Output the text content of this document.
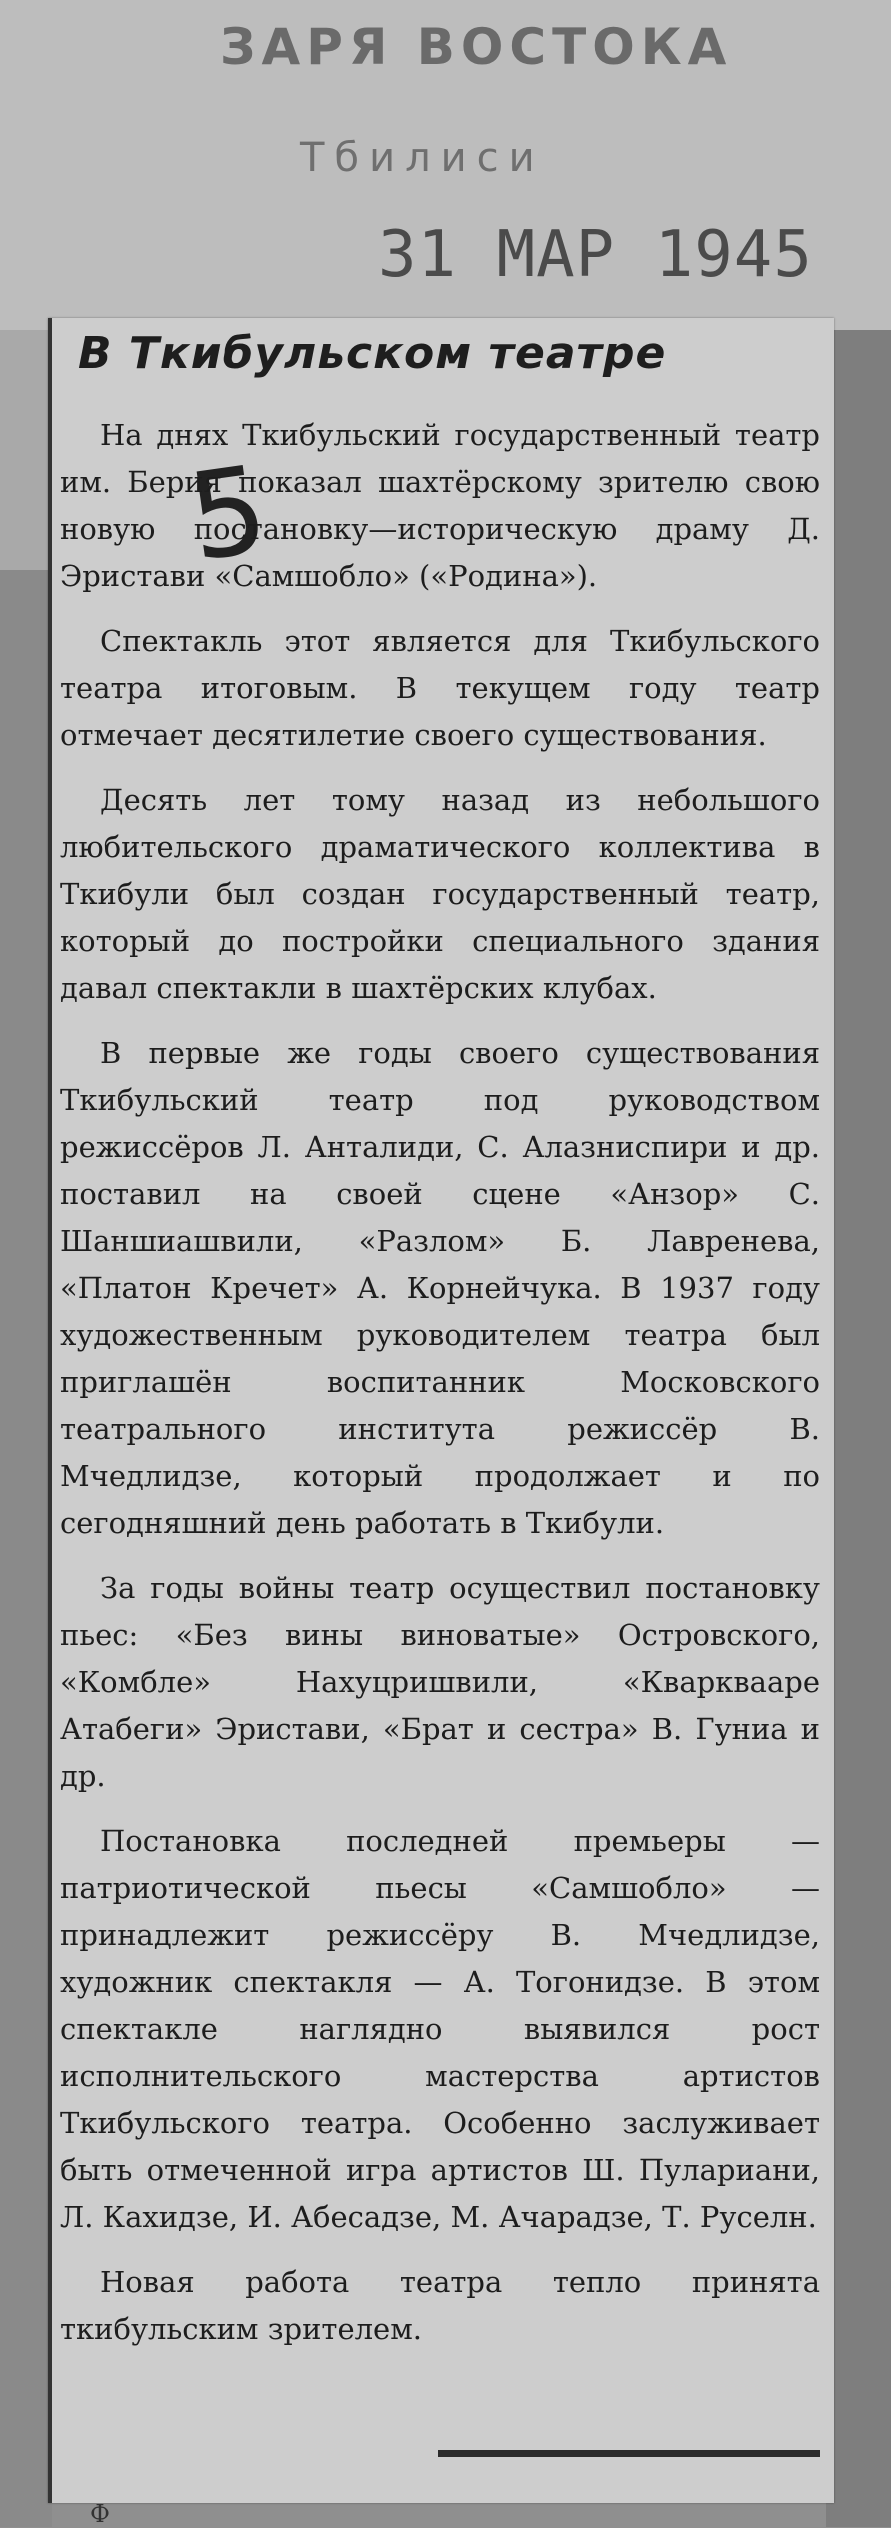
ЗАРЯ ВОСТОКА
Тбилиси
31 МАР 1945
В Ткибульском театре
5

На днях Ткибульский государственный театр им. Берия показал шахтёрскому зрителю свою новую постановку—историческую драму Д. Эристави «Самшобло» («Родина»).

Спектакль этот является для Ткибульского театра итоговым. В текущем году театр отмечает десятилетие своего существования.

Десять лет тому назад из небольшого любительского драматического коллектива в Ткибули был создан государственный театр, который до постройки специального здания давал спектакли в шахтёрских клубах.

В первые же годы своего существования Ткибульский театр под руководством режиссёров Л. Анталиди, С. Алазниспири и др. поставил на своей сцене «Анзор» С. Шаншиашвили, «Разлом» Б. Лавренева, «Платон Кречет» А. Корнейчука. В 1937 году художественным руководителем театра был приглашён воспитанник Московского театрального института режиссёр В. Мчедлидзе, который продолжает и по сегодняшний день работать в Ткибули.

За годы войны театр осуществил постановку пьес: «Без вины виноватые» Островского, «Комбле» Нахуцришвили, «Кварквааре Атабеги» Эристави, «Брат и сестра» В. Гуниа и др.

Постановка последней премьеры — патриотической пьесы «Самшобло» — принадлежит режиссёру В. Мчедлидзе, художник спектакля — А. Тогонидзе. В этом спектакле наглядно выявился рост исполнительского мастерства артистов Ткибульского театра. Особенно заслуживает быть отмеченной игра артистов Ш. Пулариани, Л. Кахидзе, И. Абесадзе, М. Ачарадзе, Т. Руселн.

Новая работа театра тепло принята ткибульским зрителем.

Ф
